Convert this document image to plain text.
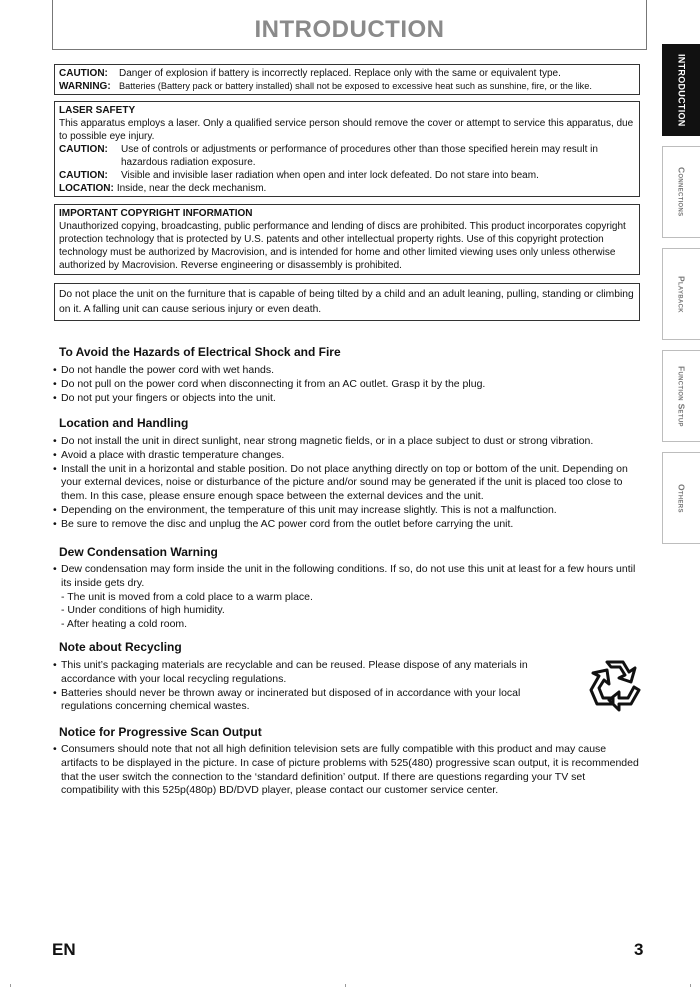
INTRODUCTION
INTRODUCTION
Connections
Playback
Function Setup
Others
CAUTION:	Danger of explosion if battery is incorrectly replaced. Replace only with the same or equivalent type.
WARNING: Batteries (Battery pack or battery installed) shall not be exposed to excessive heat such as sunshine, fire, or the like.
LASER SAFETY
This apparatus employs a laser. Only a qualified service person should remove the cover or attempt to service this apparatus, due to possible eye injury.
CAUTION:	Use of controls or adjustments or performance of procedures other than those specified herein may result in hazardous radiation exposure.
CAUTION:	Visible and invisible laser radiation when open and inter lock defeated. Do not stare into beam.
LOCATION: Inside, near the deck mechanism.
IMPORTANT COPYRIGHT INFORMATION
Unauthorized copying, broadcasting, public performance and lending of discs are prohibited. This product incorporates copyright protection technology that is protected by U.S. patents and other intellectual property rights. Use of this copyright protection technology must be authorized by Macrovision, and is intended for home and other limited viewing uses only unless otherwise authorized by Macrovision. Reverse engineering or disassembly is prohibited.
Do not place the unit on the furniture that is capable of being tilted by a child and an adult leaning, pulling, standing or climbing on it. A falling unit can cause serious injury or even death.
To Avoid the Hazards of Electrical Shock and Fire
• Do not handle the power cord with wet hands.
• Do not pull on the power cord when disconnecting it from an AC outlet. Grasp it by the plug.
• Do not put your fingers or objects into the unit.
Location and Handling
• Do not install the unit in direct sunlight, near strong magnetic fields, or in a place subject to dust or strong vibration.
• Avoid a place with drastic temperature changes.
• Install the unit in a horizontal and stable position. Do not place anything directly on top or bottom of the unit. Depending on your external devices, noise or disturbance of the picture and/or sound may be generated if the unit is placed too close to them. In this case, please ensure enough space between the external devices and the unit.
• Depending on the environment, the temperature of this unit may increase slightly. This is not a malfunction.
• Be sure to remove the disc and unplug the AC power cord from the outlet before carrying the unit.
Dew Condensation Warning
• Dew condensation may form inside the unit in the following conditions. If so, do not use this unit at least for a few hours until its inside gets dry.
- The unit is moved from a cold place to a warm place.
- Under conditions of high humidity.
- After heating a cold room.
Note about Recycling
• This unit’s packaging materials are recyclable and can be reused. Please dispose of any materials in accordance with your local recycling regulations.
• Batteries should never be thrown away or incinerated but disposed of in accordance with your local regulations concerning chemical wastes.
Notice for Progressive Scan Output
• Consumers should note that not all high definition television sets are fully compatible with this product and may cause artifacts to be displayed in the picture. In case of picture problems with 525(480) progressive scan output, it is recommended that the user switch the connection to the ‘standard definition’ output. If there are questions regarding your TV set compatibility with this 525p(480p) BD/DVD player, please contact our customer service center.
EN	3
